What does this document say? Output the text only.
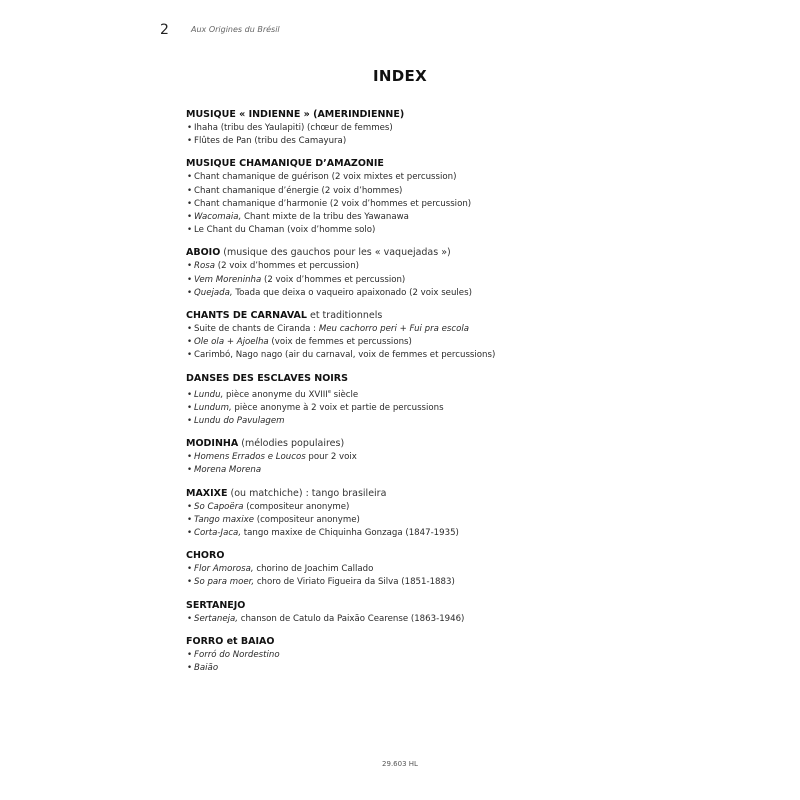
2	Aux Origines du Brésil
INDEX
MUSIQUE « INDIENNE » (AMERINDIENNE)
• Ihaha (tribu des Yaulapiti) (chœur de femmes)
• Flûtes de Pan (tribu des Camayura)
MUSIQUE CHAMANIQUE D’AMAZONIE
• Chant chamanique de guérison (2 voix mixtes et percussion)
• Chant chamanique d’énergie (2 voix d’hommes)
• Chant chamanique d’harmonie (2 voix d’hommes et percussion)
• Wacomaia, Chant mixte de la tribu des Yawanawa
• Le Chant du Chaman (voix d’homme solo)
ABOIO (musique des gauchos pour les « vaquejadas »)
• Rosa (2 voix d’hommes et percussion)
• Vem Moreninha (2 voix d’hommes et percussion)
• Quejada, Toada que deixa o vaqueiro apaixonado (2 voix seules)
CHANTS DE CARNAVAL et traditionnels
• Suite de chants de Ciranda : Meu cachorro peri + Fui pra escola
• Ole ola + Ajoelha (voix de femmes et percussions)
• Carimbó, Nago nago (air du carnaval, voix de femmes et percussions)
DANSES DES ESCLAVES NOIRS
• Lundu, pièce anonyme du XVIIIe siècle
• Lundum, pièce anonyme à 2 voix et partie de percussions
• Lundu do Pavulagem
MODINHA (mélodies populaires)
• Homens Errados e Loucos pour 2 voix
• Morena Morena
MAXIXE (ou matchiche) : tango brasileira
• So Capoëra (compositeur anonyme)
• Tango maxixe (compositeur anonyme)
• Corta-Jaca, tango maxixe de Chiquinha Gonzaga (1847-1935)
CHORO
• Flor Amorosa, chorino de Joachim Callado
• So para moer, choro de Viriato Figueira da Silva (1851-1883)
SERTANEJO
• Sertaneja, chanson de Catulo da Paixão Cearense (1863-1946)
FORRO et BAIAO
• Forró do Nordestino
• Baião
29.603 HL
